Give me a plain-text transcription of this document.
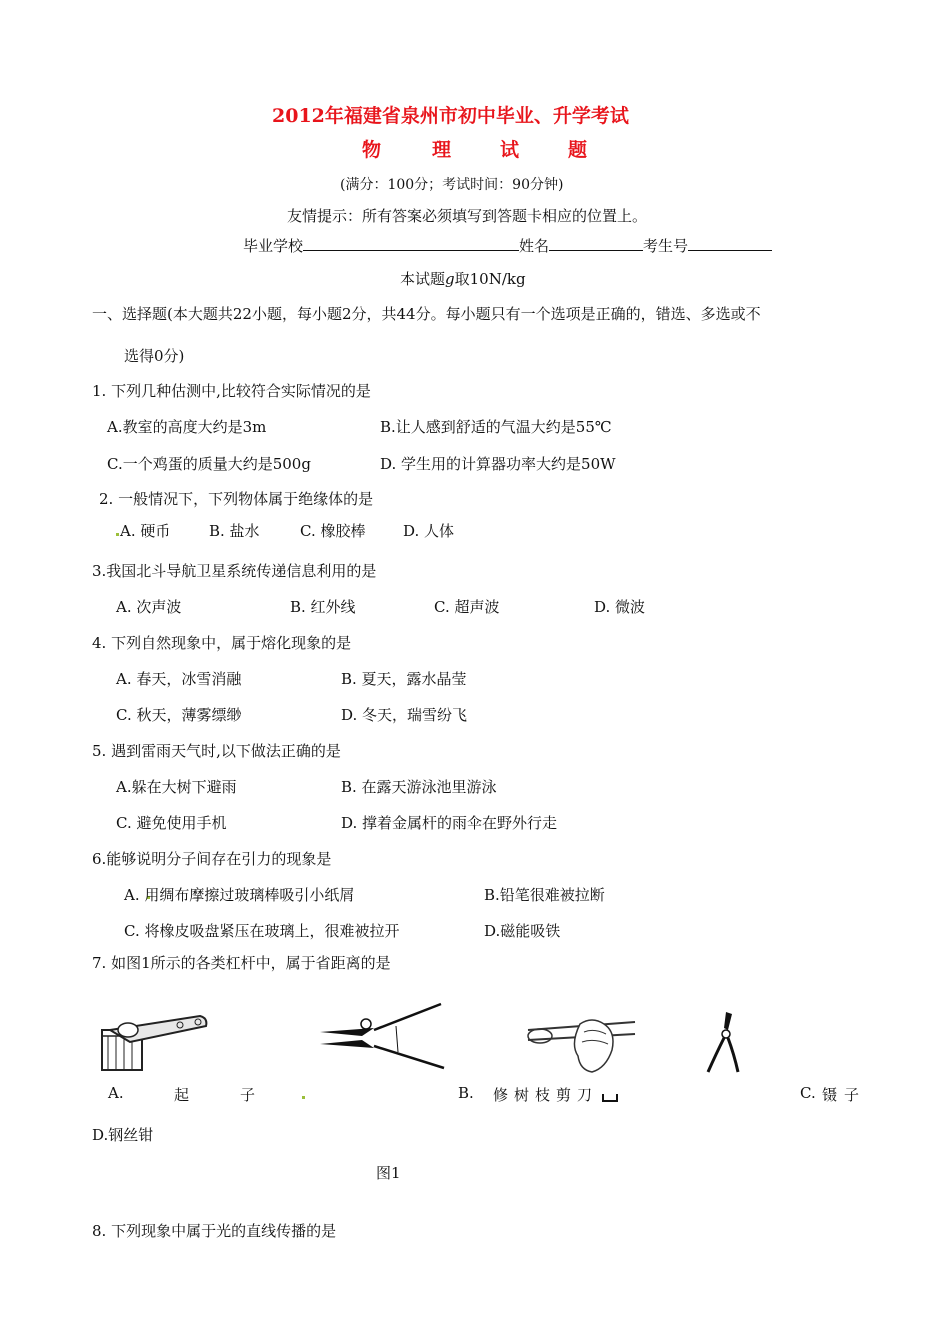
2012年福建省泉州市初中毕业、升学考试
物	理	试	题
(满分：100分；考试时间：90分钟)
友情提示：所有答案必须填写到答题卡相应的位置上。
毕业学校	姓名	考生号
本试题g取10N/kg
一、选择题(本大题共22小题，每小题2分，共44分。每小题只有一个选项是正确的，错选、多选或不
选得0分)
1. 下列几种估测中,比较符合实际情况的是
A.教室的高度大约是3m	B.让人感到舒适的气温大约是55℃
C.一个鸡蛋的质量大约是500g	D. 学生用的计算器功率大约是50W
2. 一般情况下，下列物体属于绝缘体的是
A. 硬币	B. 盐水	C. 橡胶棒	D. 人体
3.我国北斗导航卫星系统传递信息利用的是
A. 次声波	B. 红外线	C. 超声波	D. 微波
4. 下列自然现象中，属于熔化现象的是
A. 春天，冰雪消融	B. 夏天，露水晶莹
C. 秋天，薄雾缥缈	D. 冬天，瑞雪纷飞
5. 遇到雷雨天气时,以下做法正确的是
A.躲在大树下避雨	B. 在露天游泳池里游泳
C. 避免使用手机	D. 撑着金属杆的雨伞在野外行走
6.能够说明分子间存在引力的现象是
A. 用绸布摩擦过玻璃棒吸引小纸屑	B.铅笔很难被拉断
C. 将橡皮吸盘紧压在玻璃上，很难被拉开	D.磁能吸铁
7. 如图1所示的各类杠杆中，属于省距离的是
A.	起	子	B. 修树枝剪刀	C. 镊 子
D.钢丝钳
图1
8. 下列现象中属于光的直线传播的是
